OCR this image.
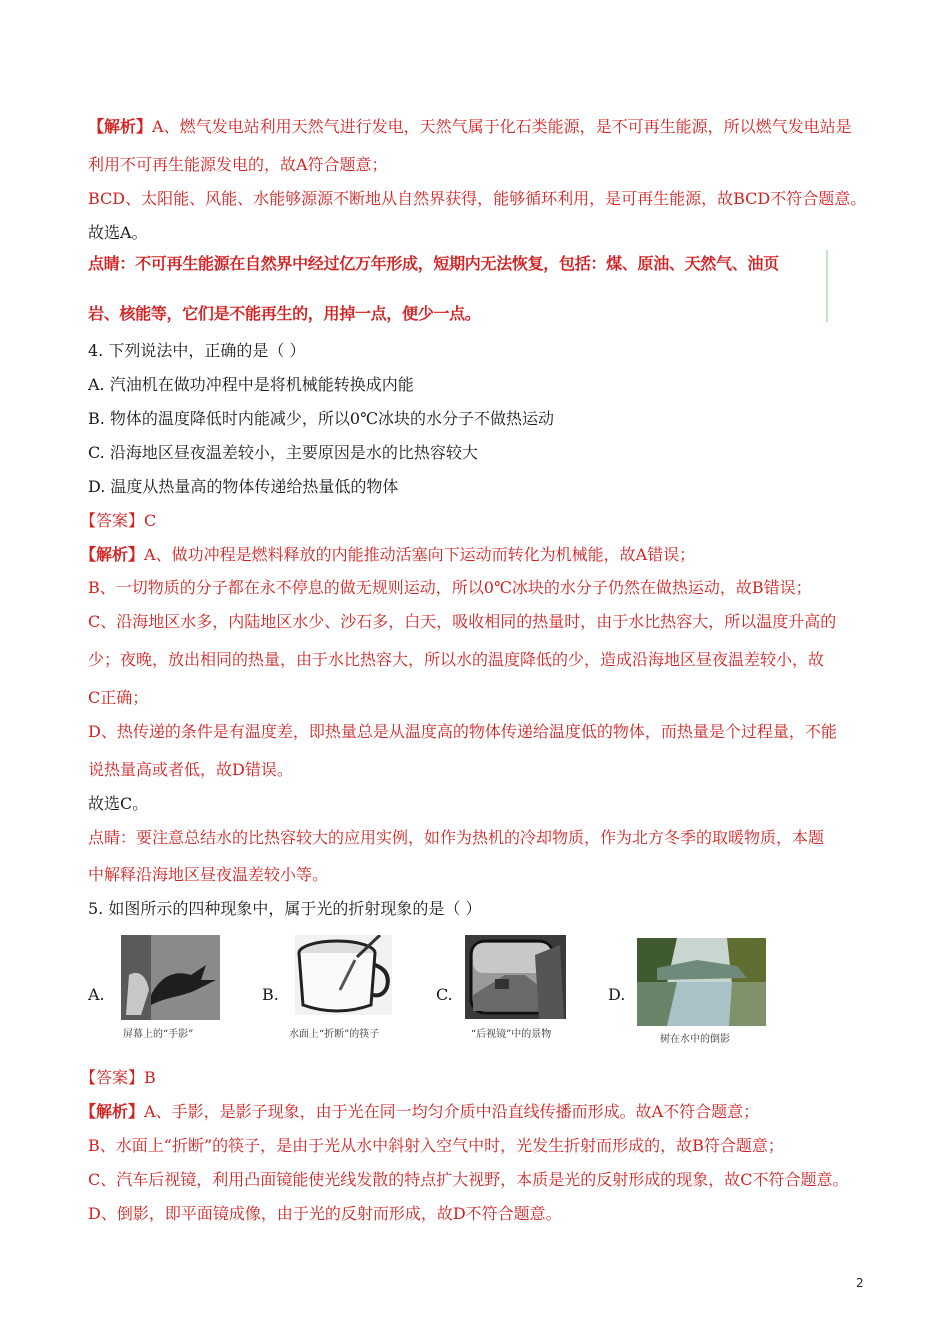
【解析】A、燃气发电站利用天然气进行发电，天然气属于化石类能源，是不可再生能源，所以燃气发电站是
利用不可再生能源发电的，故A符合题意；
BCD、太阳能、风能、水能够源源不断地从自然界获得，能够循环利用，是可再生能源，故BCD不符合题意。
故选A。
点睛：不可再生能源在自然界中经过亿万年形成，短期内无法恢复，包括：煤、原油、天然气、油页
岩、核能等，它们是不能再生的，用掉一点，便少一点。
4. 下列说法中，正确的是（ ）
A. 汽油机在做功冲程中是将机械能转换成内能
B. 物体的温度降低时内能减少，所以0℃冰块的水分子不做热运动
C. 沿海地区昼夜温差较小，主要原因是水的比热容较大
D. 温度从热量高的物体传递给热量低的物体
【答案】C
【解析】A、做功冲程是燃料释放的内能推动活塞向下运动而转化为机械能，故A错误；
B、一切物质的分子都在永不停息的做无规则运动，所以0℃冰块的水分子仍然在做热运动，故B错误；
C、沿海地区水多，内陆地区水少、沙石多，白天，吸收相同的热量时，由于水比热容大，所以温度升高的
少；夜晚，放出相同的热量，由于水比热容大，所以水的温度降低的少，造成沿海地区昼夜温差较小，故
C正确；
D、热传递的条件是有温度差，即热量总是从温度高的物体传递给温度低的物体，而热量是个过程量，不能
说热量高或者低，故D错误。
故选C。
点睛：要注意总结水的比热容较大的应用实例，如作为热机的冷却物质，作为北方冬季的取暖物质，本题
中解释沿海地区昼夜温差较小等。
5. 如图所示的四种现象中，属于光的折射现象的是（ ）
A.
屏幕上的“手影”
B.
水面上“折断”的筷子
C.
“后视镜”中的景物
D.
树在水中的倒影
【答案】B
【解析】A、手影，是影子现象，由于光在同一均匀介质中沿直线传播而形成。故A不符合题意；
B、水面上“折断”的筷子，是由于光从水中斜射入空气中时，光发生折射而形成的，故B符合题意；
C、汽车后视镜，利用凸面镜能使光线发散的特点扩大视野，本质是光的反射形成的现象，故C不符合题意。
D、倒影，即平面镜成像，由于光的反射而形成，故D不符合题意。
2
